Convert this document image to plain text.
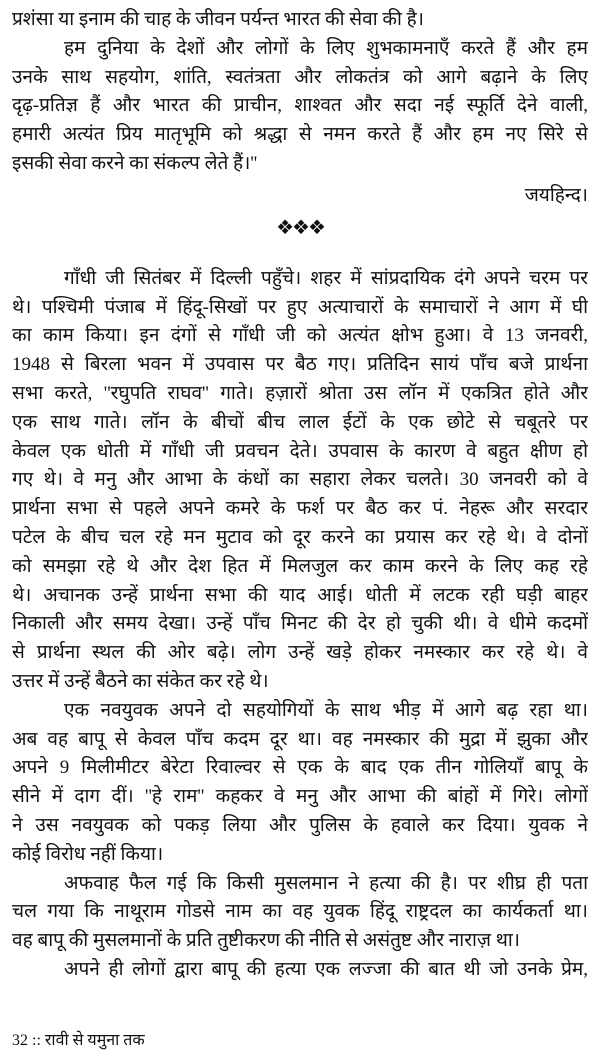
प्रशंसा या इनाम की चाह के जीवन पर्यन्त भारत की सेवा की है।
हम दुनिया के देशों और लोगों के लिए शुभकामनाएँ करते हैं और हम
उनके साथ सहयोग, शांति, स्वतंत्रता और लोकतंत्र को आगे बढ़ाने के लिए
दृढ़-प्रतिज्ञ हैं और भारत की प्राचीन, शाश्वत और सदा नई स्फूर्ति देने वाली,
हमारी अत्यंत प्रिय मातृभूमि को श्रद्धा से नमन करते हैं और हम नए सिरे से
इसकी सेवा करने का संकल्प लेते हैं।''
जयहिन्द।
❖❖❖
गाँधी जी सितंबर में दिल्ली पहुँचे। शहर में सांप्रदायिक दंगे अपने चरम पर
थे। पश्चिमी पंजाब में हिंदू-सिखों पर हुए अत्याचारों के समाचारों ने आग में घी
का काम किया। इन दंगों से गाँधी जी को अत्यंत क्षोभ हुआ। वे 13 जनवरी,
1948 से बिरला भवन में उपवास पर बैठ गए। प्रतिदिन सायं पाँच बजे प्रार्थना
सभा करते, ''रघुपति राघव'' गाते। हज़ारों श्रोता उस लॉन में एकत्रित होते और
एक साथ गाते। लॉन के बीचों बीच लाल ईटों के एक छोटे से चबूतरे पर
केवल एक धोती में गाँधी जी प्रवचन देते। उपवास के कारण वे बहुत क्षीण हो
गए थे। वे मनु और आभा के कंधों का सहारा लेकर चलते। 30 जनवरी को वे
प्रार्थना सभा से पहले अपने कमरे के फर्श पर बैठ कर पं. नेहरू और सरदार
पटेल के बीच चल रहे मन मुटाव को दूर करने का प्रयास कर रहे थे। वे दोनों
को समझा रहे थे और देश हित में मिलजुल कर काम करने के लिए कह रहे
थे। अचानक उन्हें प्रार्थना सभा की याद आई। धोती में लटक रही घड़ी बाहर
निकाली और समय देखा। उन्हें पाँच मिनट की देर हो चुकी थी। वे धीमे कदमों
से प्रार्थना स्थल की ओर बढ़े। लोग उन्हें खड़े होकर नमस्कार कर रहे थे। वे
उत्तर में उन्हें बैठने का संकेत कर रहे थे।
एक नवयुवक अपने दो सहयोगियों के साथ भीड़ में आगे बढ़ रहा था।
अब वह बापू से केवल पाँच कदम दूर था। वह नमस्कार की मुद्रा में झुका और
अपने 9 मिलीमीटर बेरेटा रिवाल्वर से एक के बाद एक तीन गोलियाँ बापू के
सीने में दाग दीं। ''हे राम'' कहकर वे मनु और आभा की बांहों में गिरे। लोगों
ने उस नवयुवक को पकड़ लिया और पुलिस के हवाले कर दिया। युवक ने
कोई विरोध नहीं किया।
अफवाह फैल गई कि किसी मुसलमान ने हत्या की है। पर शीघ्र ही पता
चल गया कि नाथूराम गोडसे नाम का वह युवक हिंदू राष्ट्रदल का कार्यकर्ता था।
वह बापू की मुसलमानों के प्रति तुष्टीकरण की नीति से असंतुष्ट और नाराज़ था।
अपने ही लोगों द्वारा बापू की हत्या एक लज्जा की बात थी जो उनके प्रेम,
32 :: रावी से यमुना तक
